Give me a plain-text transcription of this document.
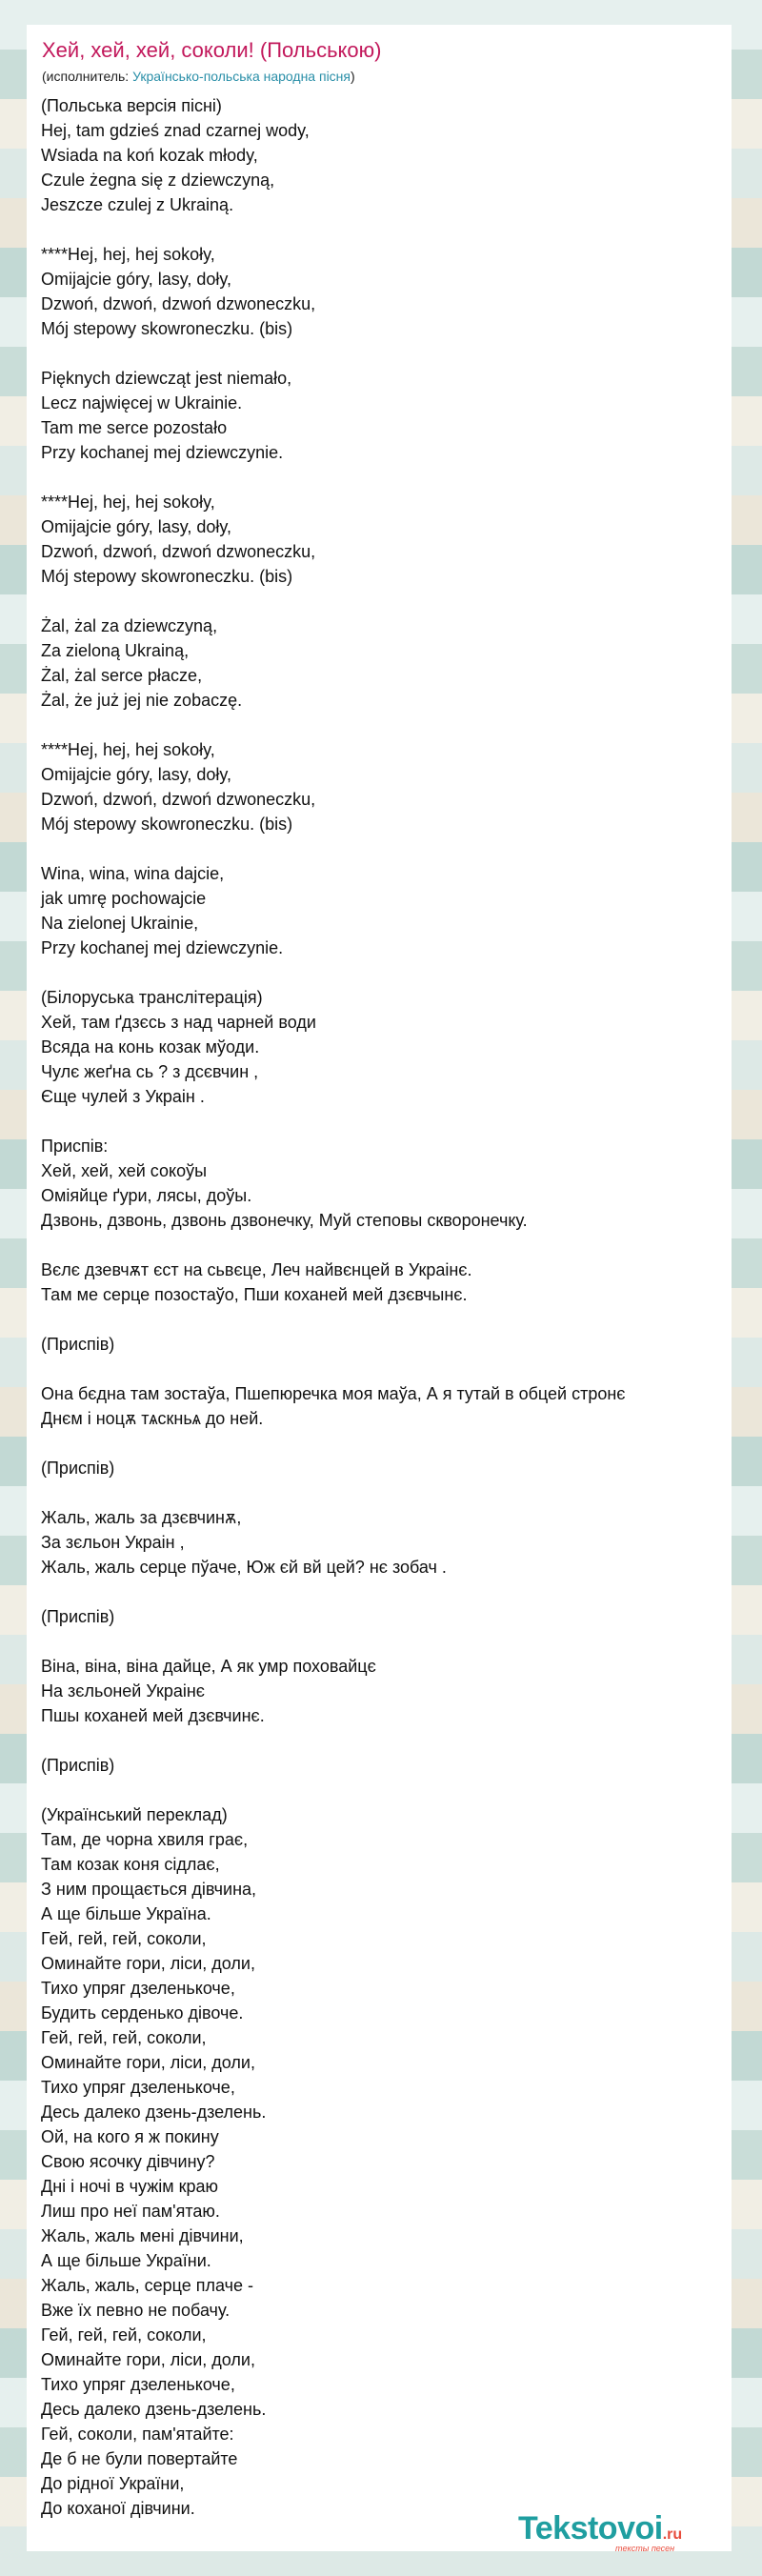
Хей, хей, хей, соколи! (Польською)
(исполнитель: Українсько-польська народна пісня)
(Польська версія пісні)
Hej, tam gdzieś znad czarnej wody,
Wsiada na koń kozak młody,
Czule żegna się z dziewczyną,
Jeszcze czulej z Ukrainą.
****Hej, hej, hej sokoły,
Omijajcie góry, lasy, doły,
Dzwoń, dzwoń, dzwoń dzwoneczku,
Mój stepowy skowroneczku. (bis)
Pięknych dziewcząt jest niemało,
Lecz najwięcej w Ukrainie.
Tam me serce pozostało
Przy kochanej mej dziewczynie.
****Hej, hej, hej sokoły,
Omijajcie góry, lasy, doły,
Dzwoń, dzwoń, dzwoń dzwoneczku,
Mój stepowy skowroneczku. (bis)
Żal, żal za dziewczyną,
Za zieloną Ukrainą,
Żal, żal serce płacze,
Żal, że już jej nie zobaczę.
****Hej, hej, hej sokoły,
Omijajcie góry, lasy, doły,
Dzwoń, dzwoń, dzwoń dzwoneczku,
Mój stepowy skowroneczku. (bis)
Wina, wina, wina dajcie,
jak umrę pochowajcie
Na zielonej Ukrainie,
Przy kochanej mej dziewczynie.
(Білоруська транслітерація)
Хей, там ґдзєсь з над чарней води
Всяда на конь козак мўоди.
Чулє жеґна сь ? з дсєвчин ,
Єще чулей з Украін .
Приспів:
Хей, хей, хей сокоўы
Оміяйце ґури, лясы, доўы.
Дзвонь, дзвонь, дзвонь дзвонечку, Муй степовы скворонечку.
Вєлє дзевчѫт єст на сьвєце, Леч найвєнцей в Украінє.
Там ме серце позостаўо, Пши коханей мей дзєвчынє.
(Приспів)
Она бєдна там зостаўа, Пшепюречка моя маўа, А я тутай в обцей стронє
Днєм і ноцѫ тѧскньѧ до ней.
(Приспів)
Жаль, жаль за дзєвчинѫ,
За зєльон Украін ,
Жаль, жаль серце пўаче, Юж єй вй цей? нє зобач .
(Приспів)
Віна, віна, віна дайце, А як умр поховайцє
На зєльоней Украінє
Пшы коханей мей дзєвчинє.
(Приспів)
(Український переклад)
Там, де чорна хвиля грає,
Там козак коня сідлає,
З ним прощається дівчина,
А ще більше Україна.
Гей, гей, гей, соколи,
Оминайте гори, ліси, доли,
Тихо упряг дзеленькоче,
Будить серденько дівоче.
Гей, гей, гей, соколи,
Оминайте гори, ліси, доли,
Тихо упряг дзеленькоче,
Десь далеко дзень-дзелень.
Ой, на кого я ж покину
Свою ясочку дівчину?
Дні і ночі в чужім краю
Лиш про неї пам'ятаю.
Жаль, жаль мені дівчини,
А ще більше України.
Жаль, жаль, серце плаче -
Вже їх певно не побачу.
Гей, гей, гей, соколи,
Оминайте гори, ліси, доли,
Тихо упряг дзеленькоче,
Десь далеко дзень-дзелень.
Гей, соколи, пам'ятайте:
Де б не були повертайте
До рідної України,
До коханої дівчини.
Tekstovoi.ru
тексты песен
